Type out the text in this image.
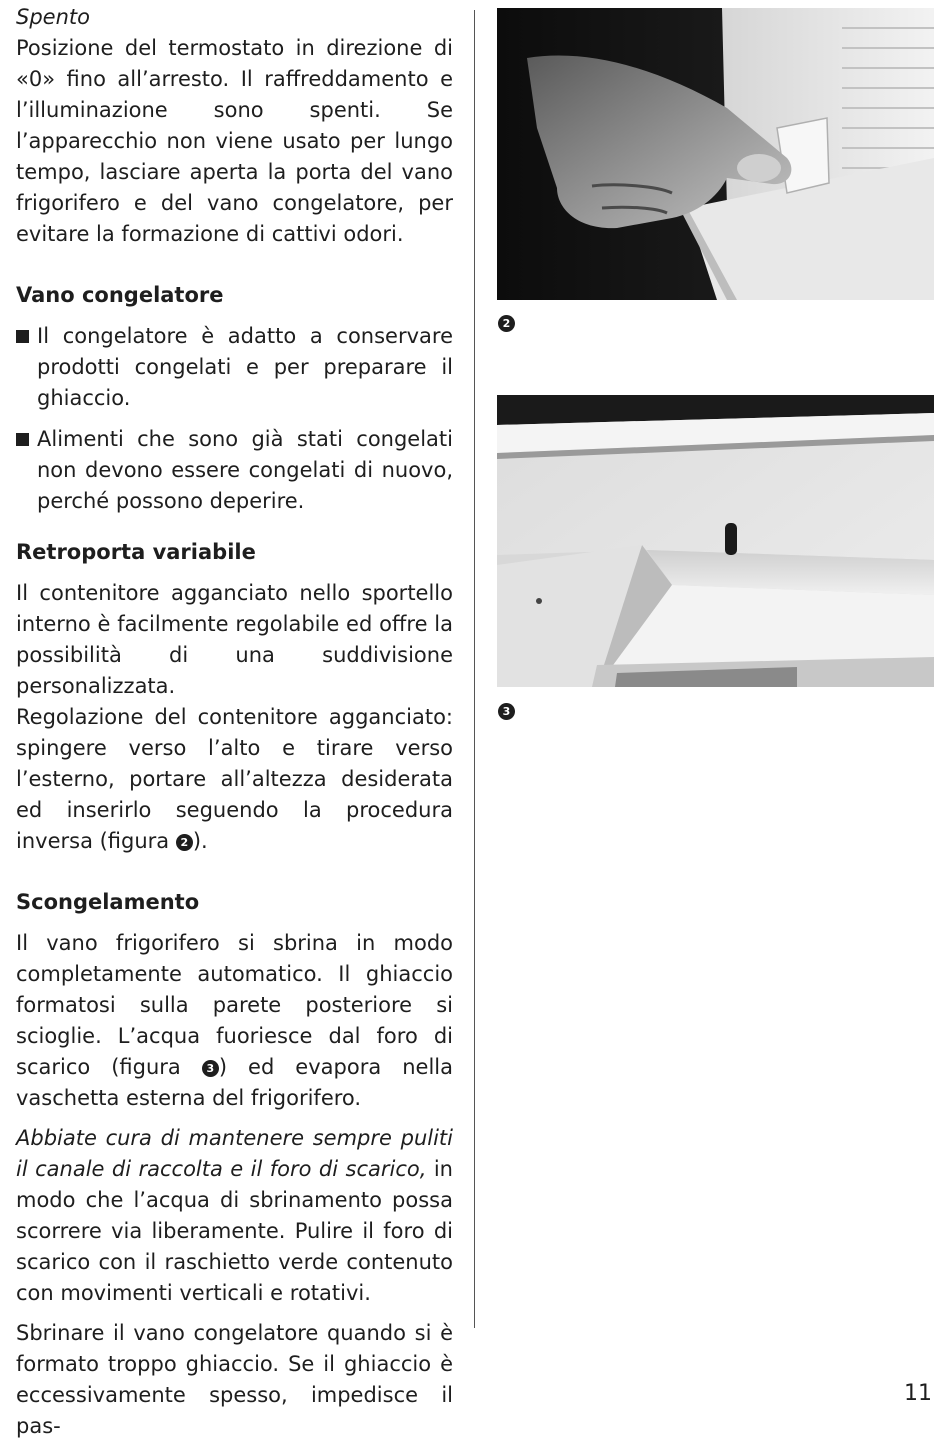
Spento

Posizione del termostato in direzione di «0» fino all’arresto. Il raffreddamento e l’illuminazione sono spenti. Se l’apparecchio non viene usato per lungo tempo, lasciare aperta la porta del vano frigorifero e del vano congelatore, per evitare la formazione di cattivi odori.

Vano congelatore
Il congelatore è adatto a conservare prodotti congelati e per preparare il ghiaccio.
Alimenti che sono già stati congelati non devono essere congelati di nuovo, perché possono deperire.
Retroporta variabile

Il contenitore agganciato nello sportello interno è facilmente regolabile ed offre la possibilità di una suddivisione personalizzata.

Regolazione del contenitore agganciato: spingere verso l’alto e tirare verso l’esterno, portare all’altezza desiderata ed inserirlo seguendo la procedura inversa (figura 2 ).

Scongelamento

Il vano frigorifero si sbrina in modo completamente automatico. Il ghiaccio formatosi sulla parete posteriore si scioglie. L’acqua fuoriesce dal foro di scarico (figura 3 ) ed evapora nella vaschetta esterna del frigorifero.

Abbiate cura di mantenere sempre puliti il canale di raccolta e il foro di scarico, in modo che l’acqua di sbrinamento possa scorrere via liberamente. Pulire il foro di scarico con il raschietto verde contenuto con movimenti verticali e rotativi.

Sbrinare il vano congelatore quando si è formato troppo ghiaccio. Se il ghiaccio è eccessivamente spesso, impedisce il pas-

2
3
11
